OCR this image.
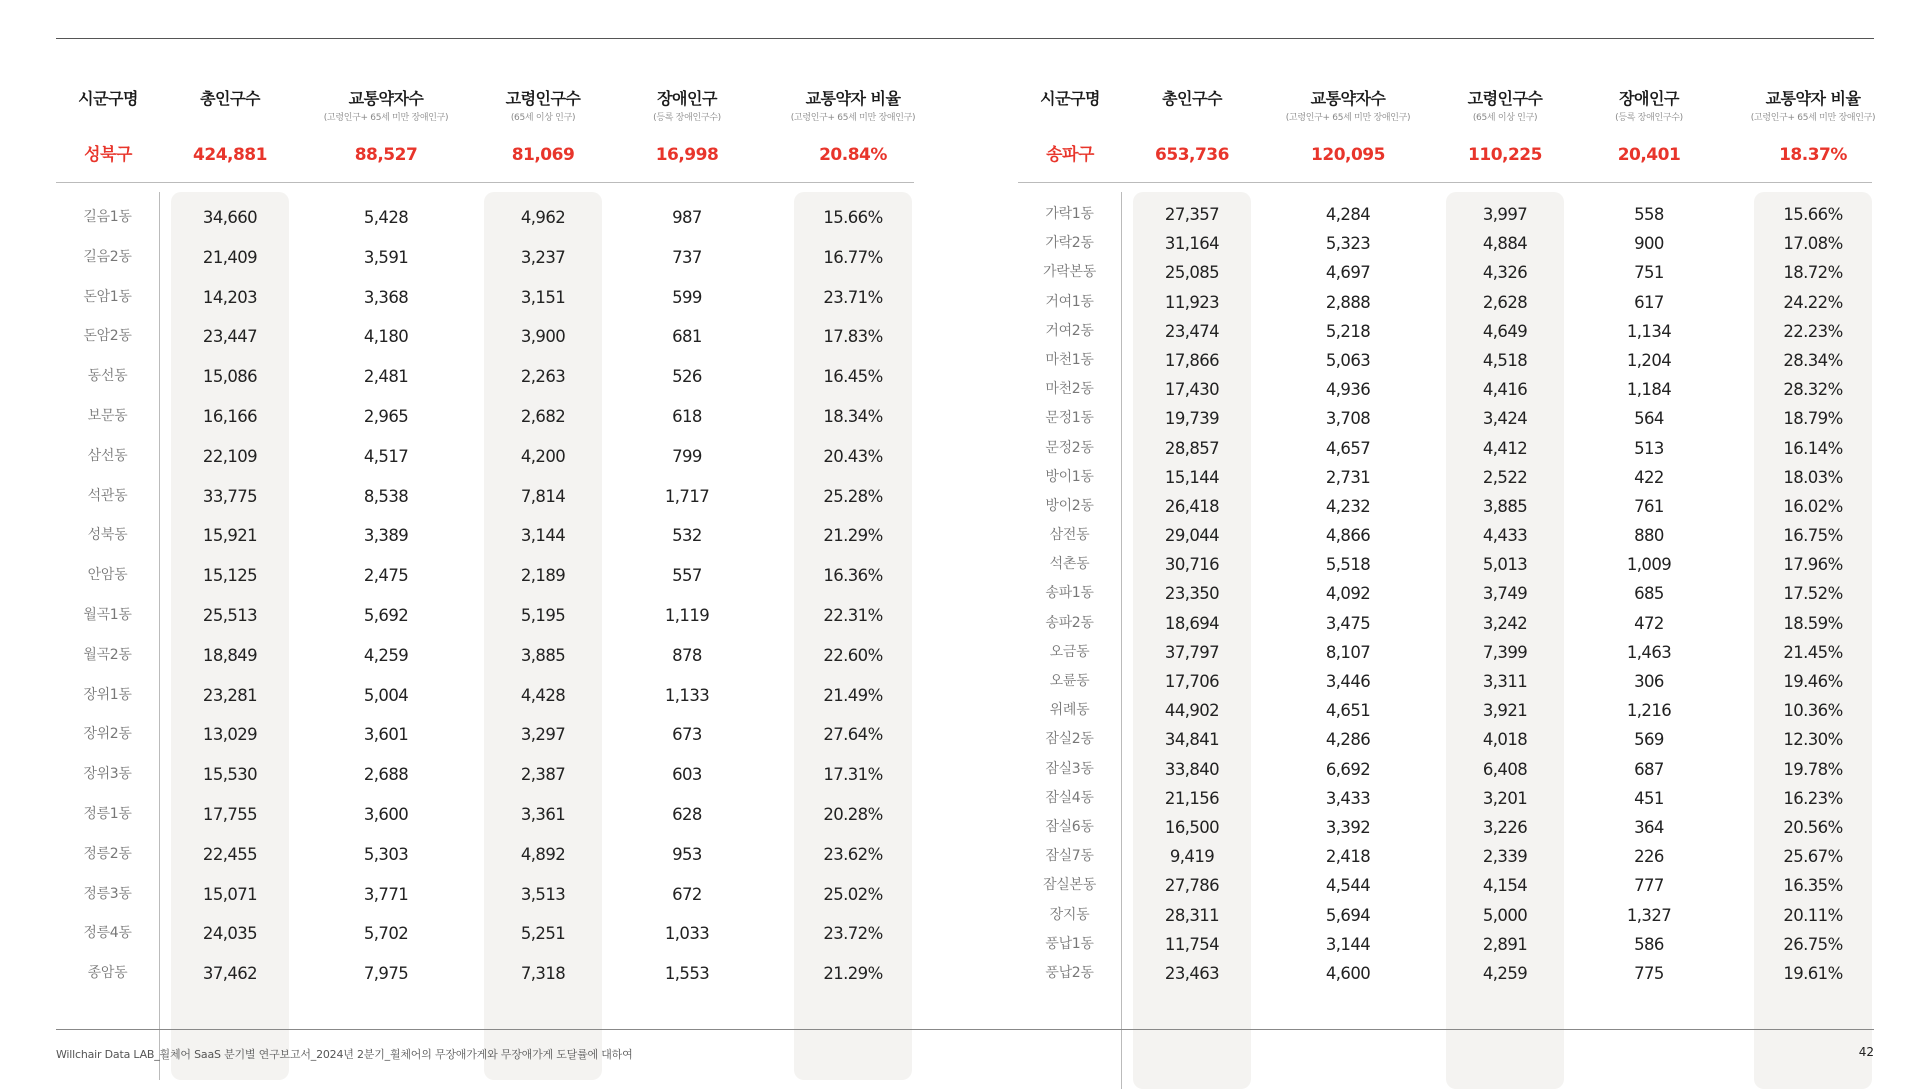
시군구명
성북구
길음1동
길음2동
돈암1동
돈암2동
동선동
보문동
삼선동
석관동
성북동
안암동
월곡1동
월곡2동
장위1동
장위2동
장위3동
정릉1동
정릉2동
정릉3동
정릉4동
종암동
총인구수
424,881
34,660
21,409
14,203
23,447
15,086
16,166
22,109
33,775
15,921
15,125
25,513
18,849
23,281
13,029
15,530
17,755
22,455
15,071
24,035
37,462
교통약자수
(고령인구+ 65세 미만 장애인구)
88,527
5,428
3,591
3,368
4,180
2,481
2,965
4,517
8,538
3,389
2,475
5,692
4,259
5,004
3,601
2,688
3,600
5,303
3,771
5,702
7,975
고령인구수
(65세 이상 인구)
81,069
4,962
3,237
3,151
3,900
2,263
2,682
4,200
7,814
3,144
2,189
5,195
3,885
4,428
3,297
2,387
3,361
4,892
3,513
5,251
7,318
장애인구
(등록 장애인구수)
16,998
987
737
599
681
526
618
799
1,717
532
557
1,119
878
1,133
673
603
628
953
672
1,033
1,553
교통약자 비율
(고령인구+ 65세 미만 장애인구)
20.84%
15.66%
16.77%
23.71%
17.83%
16.45%
18.34%
20.43%
25.28%
21.29%
16.36%
22.31%
22.60%
21.49%
27.64%
17.31%
20.28%
23.62%
25.02%
23.72%
21.29%
시군구명
송파구
가락1동
가락2동
가락본동
거여1동
거여2동
마천1동
마천2동
문정1동
문정2동
방이1동
방이2동
삼전동
석촌동
송파1동
송파2동
오금동
오륜동
위례동
잠실2동
잠실3동
잠실4동
잠실6동
잠실7동
잠실본동
장지동
풍납1동
풍납2동
총인구수
653,736
27,357
31,164
25,085
11,923
23,474
17,866
17,430
19,739
28,857
15,144
26,418
29,044
30,716
23,350
18,694
37,797
17,706
44,902
34,841
33,840
21,156
16,500
9,419
27,786
28,311
11,754
23,463
교통약자수
(고령인구+ 65세 미만 장애인구)
120,095
4,284
5,323
4,697
2,888
5,218
5,063
4,936
3,708
4,657
2,731
4,232
4,866
5,518
4,092
3,475
8,107
3,446
4,651
4,286
6,692
3,433
3,392
2,418
4,544
5,694
3,144
4,600
고령인구수
(65세 이상 인구)
110,225
3,997
4,884
4,326
2,628
4,649
4,518
4,416
3,424
4,412
2,522
3,885
4,433
5,013
3,749
3,242
7,399
3,311
3,921
4,018
6,408
3,201
3,226
2,339
4,154
5,000
2,891
4,259
장애인구
(등록 장애인구수)
20,401
558
900
751
617
1,134
1,204
1,184
564
513
422
761
880
1,009
685
472
1,463
306
1,216
569
687
451
364
226
777
1,327
586
775
교통약자 비율
(고령인구+ 65세 미만 장애인구)
18.37%
15.66%
17.08%
18.72%
24.22%
22.23%
28.34%
28.32%
18.79%
16.14%
18.03%
16.02%
16.75%
17.96%
17.52%
18.59%
21.45%
19.46%
10.36%
12.30%
19.78%
16.23%
20.56%
25.67%
16.35%
20.11%
26.75%
19.61%
Willchair Data LAB_휠체어 SaaS 분기별 연구보고서_2024년 2분기_휠체어의 무장애가게와 무장애가게 도달률에 대하여	42
